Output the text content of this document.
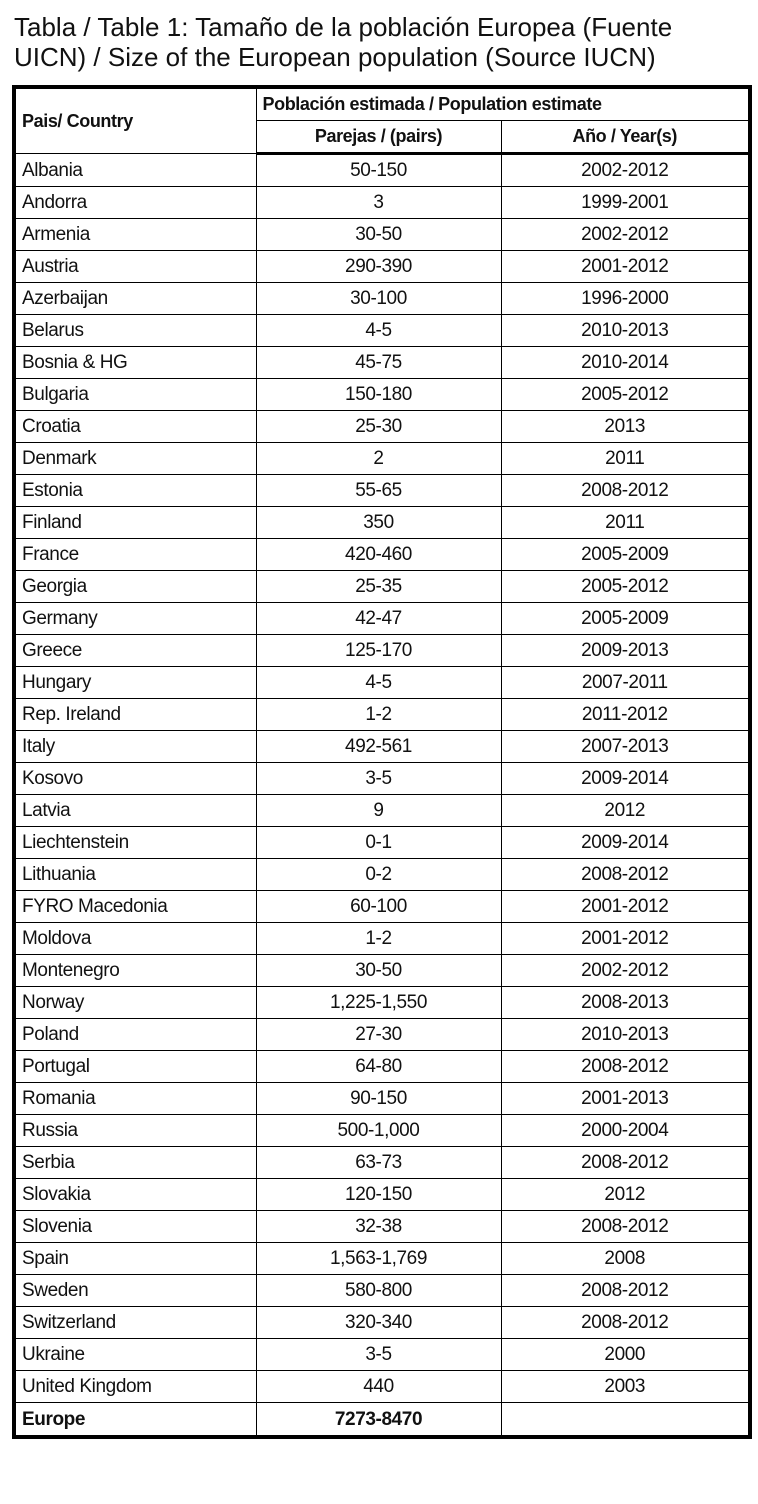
Tabla / Table 1: Tamaño de la población Europea (Fuente UICN) / Size of the European population (Source IUCN)
Pais/ Country	Población estimada / Population estimate	
	Parejas / (pairs)	Año / Year(s)
Albania	50-150	2002-2012
Andorra	3	1999-2001
Armenia	30-50	2002-2012
Austria	290-390	2001-2012
Azerbaijan	30-100	1996-2000
Belarus	4-5	2010-2013
Bosnia & HG	45-75	2010-2014
Bulgaria	150-180	2005-2012
Croatia	25-30	2013
Denmark	2	2011
Estonia	55-65	2008-2012
Finland	350	2011
France	420-460	2005-2009
Georgia	25-35	2005-2012
Germany	42-47	2005-2009
Greece	125-170	2009-2013
Hungary	4-5	2007-2011
Rep. Ireland	1-2	2011-2012
Italy	492-561	2007-2013
Kosovo	3-5	2009-2014
Latvia	9	2012
Liechtenstein	0-1	2009-2014
Lithuania	0-2	2008-2012
FYRO Macedonia	60-100	2001-2012
Moldova	1-2	2001-2012
Montenegro	30-50	2002-2012
Norway	1,225-1,550	2008-2013
Poland	27-30	2010-2013
Portugal	64-80	2008-2012
Romania	90-150	2001-2013
Russia	500-1,000	2000-2004
Serbia	63-73	2008-2012
Slovakia	120-150	2012
Slovenia	32-38	2008-2012
Spain	1,563-1,769	2008
Sweden	580-800	2008-2012
Switzerland	320-340	2008-2012
Ukraine	3-5	2000
United Kingdom	440	2003
Europe	7273-8470	
